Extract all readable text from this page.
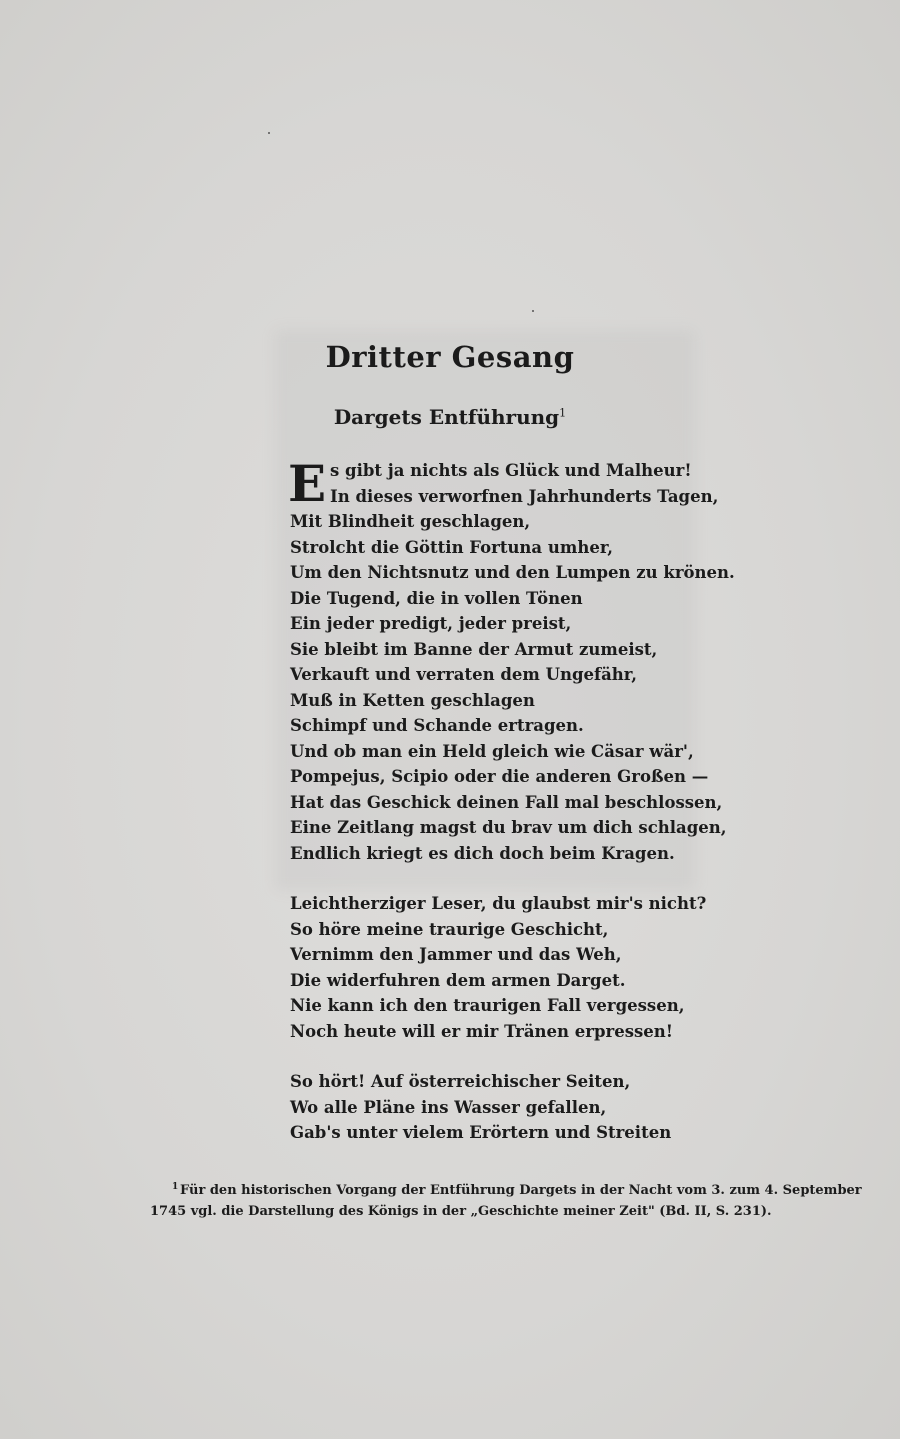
Dritter Gesang
Dargets Entführung$^1$
E s gibt ja nichts als Glück und Malheur!
In dieses verworfnen Jahrhunderts Tagen,
Mit Blindheit geschlagen,
Strolcht die Göttin Fortuna umher,
Um den Nichtsnutz und den Lumpen zu krönen.
Die Tugend, die in vollen Tönen
Ein jeder predigt, jeder preist,
Sie bleibt im Banne der Armut zumeist,
Verkauft und verraten dem Ungefähr,
Muß in Ketten geschlagen
Schimpf und Schande ertragen.
Und ob man ein Held gleich wie Cäsar wär',
Pompejus, Scipio oder die anderen Großen —
Hat das Geschick deinen Fall mal beschlossen,
Eine Zeitlang magst du brav um dich schlagen,
Endlich kriegt es dich doch beim Kragen.
Leichtherziger Leser, du glaubst mir's nicht?
So höre meine traurige Geschicht,
Vernimm den Jammer und das Weh,
Die widerfuhren dem armen Darget.
Nie kann ich den traurigen Fall vergessen,
Noch heute will er mir Tränen erpressen!
So hört! Auf österreichischer Seiten,
Wo alle Pläne ins Wasser gefallen,
Gab's unter vielem Erörtern und Streiten
1 Für den historischen Vorgang der Entführung Dargets in der Nacht vom 3. zum 4. September
1745 vgl. die Darstellung des Königs in der „Geschichte meiner Zeit" (Bd. II, S. 231).
